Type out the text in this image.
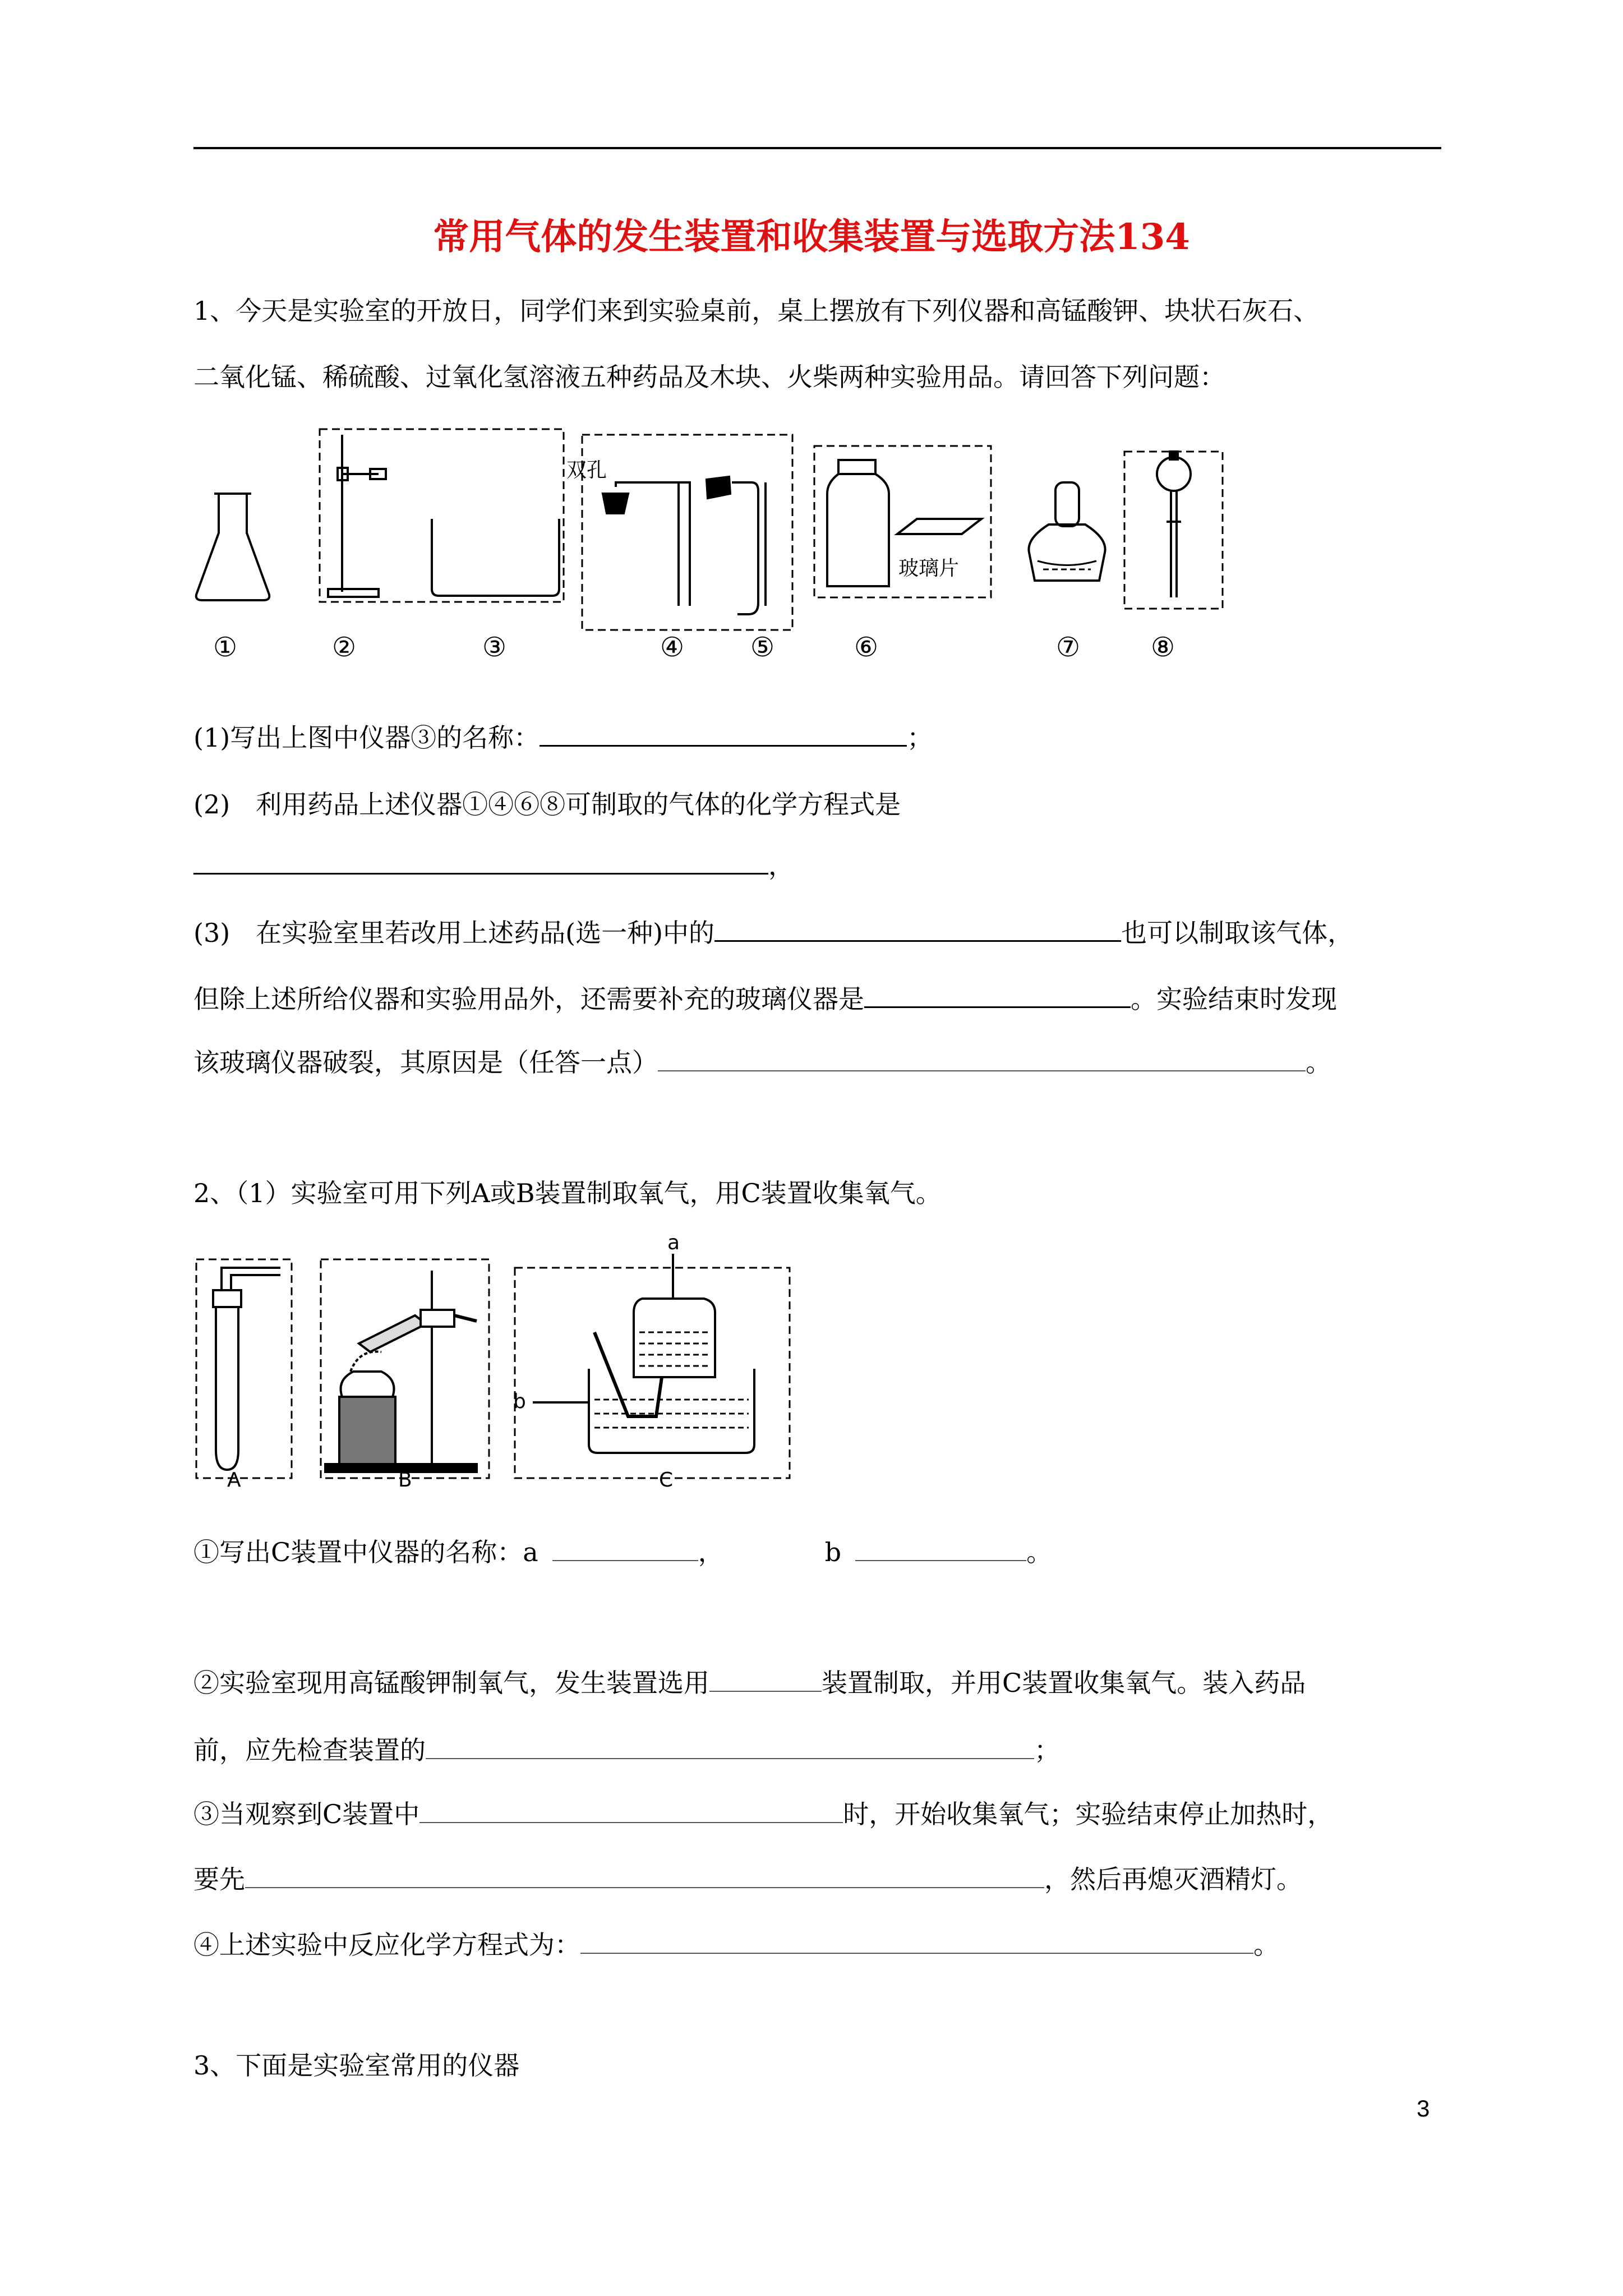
常用气体的发生装置和收集装置与选取方法134
1、今天是实验室的开放日，同学们来到实验桌前，桌上摆放有下列仪器和高锰酸钾、块状石灰石、
二氧化锰、稀硫酸、过氧化氢溶液五种药品及木块、火柴两种实验用品。请回答下列问题：
双孔
玻璃片
①	②	③	④ ⑤	⑥	⑦	⑧
(1)写出上图中仪器③的名称：	；
(2)　利用药品上述仪器①④⑥⑧可制取的气体的化学方程式是
，
(3)　在实验室里若改用上述药品(选一种)中的	也可以制取该气体，
但除上述所给仪器和实验用品外，还需要补充的玻璃仪器是	。实验结束时发现
该玻璃仪器破裂，其原因是（任答一点）	。
2、（1）实验室可用下列A或B装置制取氧气，用C装置收集氧气。
A	B	C
a
b
①写出C装置中仪器的名称：a	，	b	。
②实验室现用高锰酸钾制氧气，发生装置选用	装置制取，并用C装置收集氧气。装入药品
前，应先检查装置的	；
③当观察到C装置中	时，开始收集氧气；实验结束停止加热时，
要先	，然后再熄灭酒精灯。
④上述实验中反应化学方程式为：	。
3、下面是实验室常用的仪器
3
